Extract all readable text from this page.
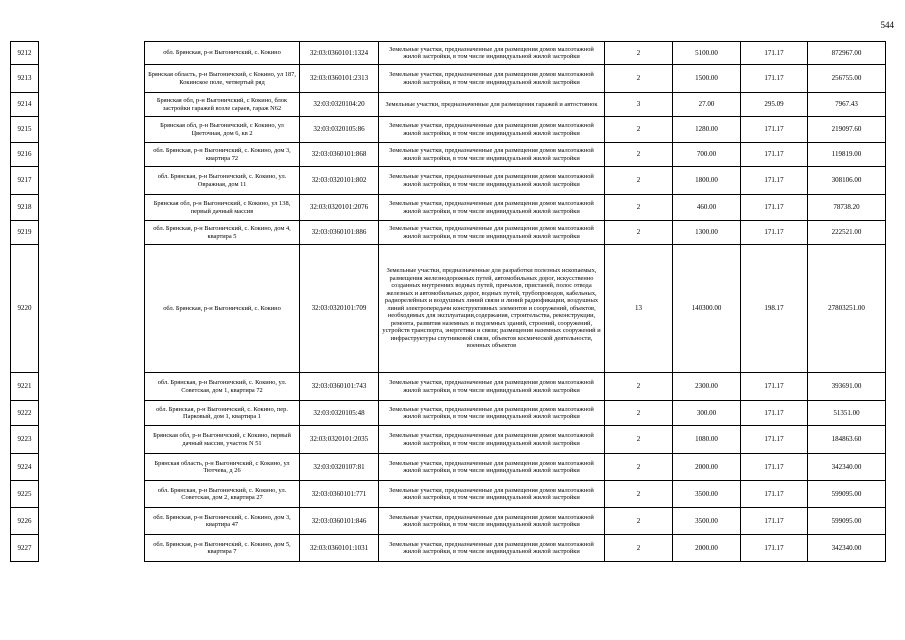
544
9212		обл. Брянская, р-н Выгоничский, с. Кокино	32:03:0360101:1324	Земельные участки, предназначенные для размещения домов малоэтажной жилой застройки, в том числе индивидуальной жилой застройки	2	5100.00	171.17	872967.00
9213		Брянская область, р-н Выгоничский, с Кокино, ул 187, Кокинское поле, четвертый ряд	32:03:0360101:2313	Земельные участки, предназначенные для размещения домов малоэтажной жилой застройки, в том числе индивидуальной жилой застройки	2	1500.00	171.17	256755.00
9214		Брянская обл, р-н Выгоничский, с Кокино, блок застройки гаражей возле сараев, гараж N62	32:03:0320104:20	Земельные участки, предназначенные для размещения гаражей и автостоянок	3	27.00	295.09	7967.43
9215		Брянская обл, р-н Выгоничский, с Кокино, ул Цветочная, дом 6, кв 2	32:03:0320105:86	Земельные участки, предназначенные для размещения домов малоэтажной жилой застройки, в том числе индивидуальной жилой застройки	2	1280.00	171.17	219097.60
9216		обл. Брянская, р-н Выгоничский, с. Кокино, дом 3, квартира 72	32:03:0360101:868	Земельные участки, предназначенные для размещения домов малоэтажной жилой застройки, в том числе индивидуальной жилой застройки	2	700.00	171.17	119819.00
9217		обл. Брянская, р-н Выгоничский, с. Кокино, ул. Овражная, дом 11	32:03:0320101:802	Земельные участки, предназначенные для размещения домов малоэтажной жилой застройки, в том числе индивидуальной жилой застройки	2	1800.00	171.17	308106.00
9218		Брянская обл, р-н Выгоничский, с Кокино, ул 138, первый дачный массив	32:03:0320101:2076	Земельные участки, предназначенные для размещения домов малоэтажной жилой застройки, в том числе индивидуальной жилой застройки	2	460.00	171.17	78738.20
9219		обл. Брянская, р-н Выгоничский, с. Кокино, дом 4, квартира 5	32:03:0360101:886	Земельные участки, предназначенные для размещения домов малоэтажной жилой застройки, в том числе индивидуальной жилой застройки	2	1300.00	171.17	222521.00
9220		обл. Брянская, р-н Выгоничский, с. Кокино	32:03:0320101:709	Земельные участки, предназначенные для разработки полезных ископаемых, размещения железнодорожных путей, автомобильных дорог, искусственно созданных внутренних водных путей, причалов, пристаней, полос отвода железных и автомобильных дорог, водных путей, трубопроводов, кабельных, радиорелейных и воздушных линий связи и линий радиофикации, воздушных линий электропередачи конструктивных элементов и сооружений, объектов, необходимых для эксплуатации,содержания, строительства, реконструкции, ремонта, развития наземных и подземных зданий, строений, сооружений, устройств транспорта, энергетики и связи; размещения наземных сооружений и инфраструктуры спутниковой связи, объектов космической деятельности, военных объектов	13	140300.00	198.17	27803251.00
9221		обл. Брянская, р-н Выгоничский, с. Кокино, ул. Советская, дом 1, квартира 72	32:03:0360101:743	Земельные участки, предназначенные для размещения домов малоэтажной жилой застройки, в том числе индивидуальной жилой застройки	2	2300.00	171.17	393691.00
9222		обл. Брянская, р-н Выгоничский, с. Кокино, пер. Парковый, дом 1, квартира 1	32:03:0320105:48	Земельные участки, предназначенные для размещения домов малоэтажной жилой застройки, в том числе индивидуальной жилой застройки	2	300.00	171.17	51351.00
9223		Брянская обл, р-н Выгоничский, с Кокино, первый дачный массив, участок N 51	32:03:0320101:2035	Земельные участки, предназначенные для размещения домов малоэтажной жилой застройки, в том числе индивидуальной жилой застройки	2	1080.00	171.17	184863.60
9224		Брянская область, р-н Выгоничский, с Кокино, ул Тютчева, д 26	32:03:0320107:81	Земельные участки, предназначенные для размещения домов малоэтажной жилой застройки, в том числе индивидуальной жилой застройки	2	2000.00	171.17	342340.00
9225		обл. Брянская, р-н Выгоничский, с. Кокино, ул. Советская, дом 2, квартира 27	32:03:0360101:771	Земельные участки, предназначенные для размещения домов малоэтажной жилой застройки, в том числе индивидуальной жилой застройки	2	3500.00	171.17	599095.00
9226		обл. Брянская, р-н Выгоничский, с. Кокино, дом 3, квартира 47	32:03:0360101:846	Земельные участки, предназначенные для размещения домов малоэтажной жилой застройки, в том числе индивидуальной жилой застройки	2	3500.00	171.17	599095.00
9227		обл. Брянская, р-н Выгоничский, с. Кокино, дом 5, квартира 7	32:03:0360101:1031	Земельные участки, предназначенные для размещения домов малоэтажной жилой застройки, в том числе индивидуальной жилой застройки	2	2000.00	171.17	342340.00
